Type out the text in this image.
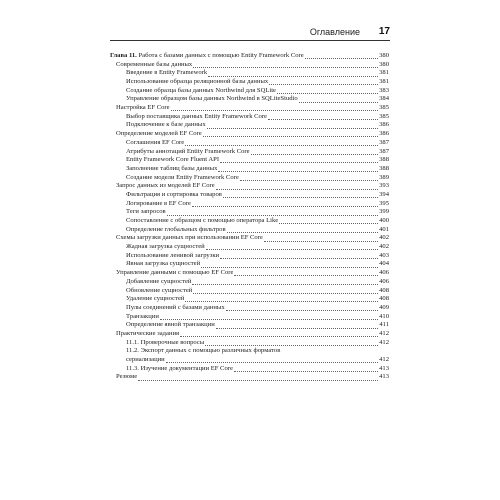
Оглавление 17
Глава 11. Работа с базами данных с помощью Entity Framework Core	380
Современные базы данных	380
Введение в Entity Framework	381
Использование образца реляционной базы данных	381
Создание образца базы данных Northwind для SQLite	383
Управление образцом базы данных Northwind в SQLiteStudio	384
Настройка EF Core	385
Выбор поставщика данных Entity Framework Core	385
Подключение к базе данных	386
Определение моделей EF Core	386
Соглашения EF Core	387
Атрибуты аннотаций Entity Framework Core	387
Entity Framework Core Fluent API	388
Заполнение таблиц базы данных	388
Создание модели Entity Framework Core	389
Запрос данных из моделей EF Core	393
Фильтрация и сортировка товаров	394
Логирование в EF Core	395
Теги запросов	399
Сопоставление с образцом с помощью оператора Like	400
Определение глобальных фильтров	401
Схемы загрузки данных при использовании EF Core	402
Жадная загрузка сущностей	402
Использование ленивой загрузки	403
Явная загрузка сущностей	404
Управление данными с помощью EF Core	406
Добавление сущностей	406
Обновление сущностей	408
Удаление сущностей	408
Пулы соединений с базами данных	409
Транзакции	410
Определение явной транзакции	411
Практические задания	412
11.1. Проверочные вопросы	412
11.2. Экспорт данных с помощью различных форматов
сериализации	412
11.3. Изучение документации EF Core	413
Резюме	413
